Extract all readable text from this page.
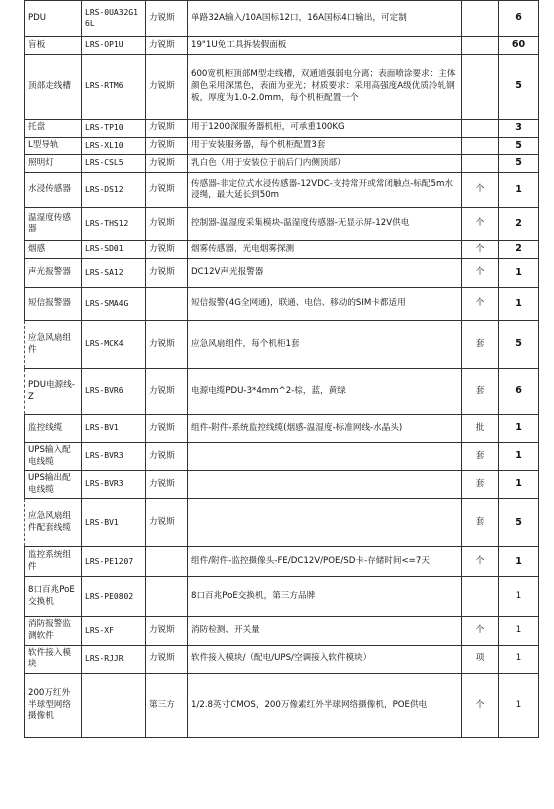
PDU	LRS-0UA32G16L	力锐斯	单路32A输入/10A国标12口，16A国标4口输出，可定制		6
盲板	LRS-OP1U	力锐斯	19"1U免工具拆装假面板		60
顶部走线槽	LRS-RTM6	力锐斯	600宽机柜顶部M型走线槽，双通道强弱电分离；表面喷涂要求：主体颜色采用深黑色，表面为亚光；材质要求：采用高强度A级优质冷轧钢板，厚度为1.0-2.0mm，每个机柜配置一个		5
托盘	LRS-TP10	力锐斯	用于1200深服务器机柜，可承重100KG		3
L型导轨	LRS-XL10	力锐斯	用于安装服务器，每个机柜配置3套		5
照明灯	LRS-CSL5	力锐斯	乳白色（用于安装位于前后门内侧顶部）		5
水浸传感器	LRS-DS12	力锐斯	传感器-非定位式水浸传感器-12VDC-支持常开或常闭触点-标配5m水浸绳，最大延长到50m	个	1
温湿度传感器	LRS-THS12	力锐斯	控制器-温湿度采集模块-温湿度传感器-无显示屏-12V供电	个	2
烟感	LRS-SD01	力锐斯	烟雾传感器，光电烟雾探测	个	2
声光报警器	LRS-SA12	力锐斯	DC12V声光报警器	个	1
短信报警器	LRS-SMA4G		短信报警(4G全网通)，联通、电信、移动的SIM卡都适用	个	1
应急风扇组件	LRS-MCK4	力锐斯	应急风扇组件，每个机柜1套	套	5
PDU电源线-Z	LRS-BVR6	力锐斯	电源电缆PDU-3*4mm^2-棕，蓝，黄绿	套	6
监控线缆	LRS-BV1	力锐斯	组件-附件-系统监控线缆(烟感-温湿度-标准网线-水晶头)	批	1
UPS输入配电线缆	LRS-BVR3	力锐斯		套	1
UPS输出配电线缆	LRS-BVR3	力锐斯		套	1
应急风扇组件配套线缆	LRS-BV1	力锐斯		套	5
监控系统组件	LRS-PE1207		组件/附件-监控摄像头-FE/DC12V/POE/SD卡-存储时间<=7天	个	1
8口百兆PoE交换机	LRS-PE0802		8口百兆PoE交换机，第三方品牌		1
消防报警监测软件	LRS-XF	力锐斯	消防检测、开关量	个	1
软件接入模块	LRS-RJJR	力锐斯	软件接入模块/（配电/UPS/空调接入软件模块）	项	1
200万红外半球型网络摄像机		第三方	1/2.8英寸CMOS，200万像素红外半球网络摄像机，POE供电	个	1
